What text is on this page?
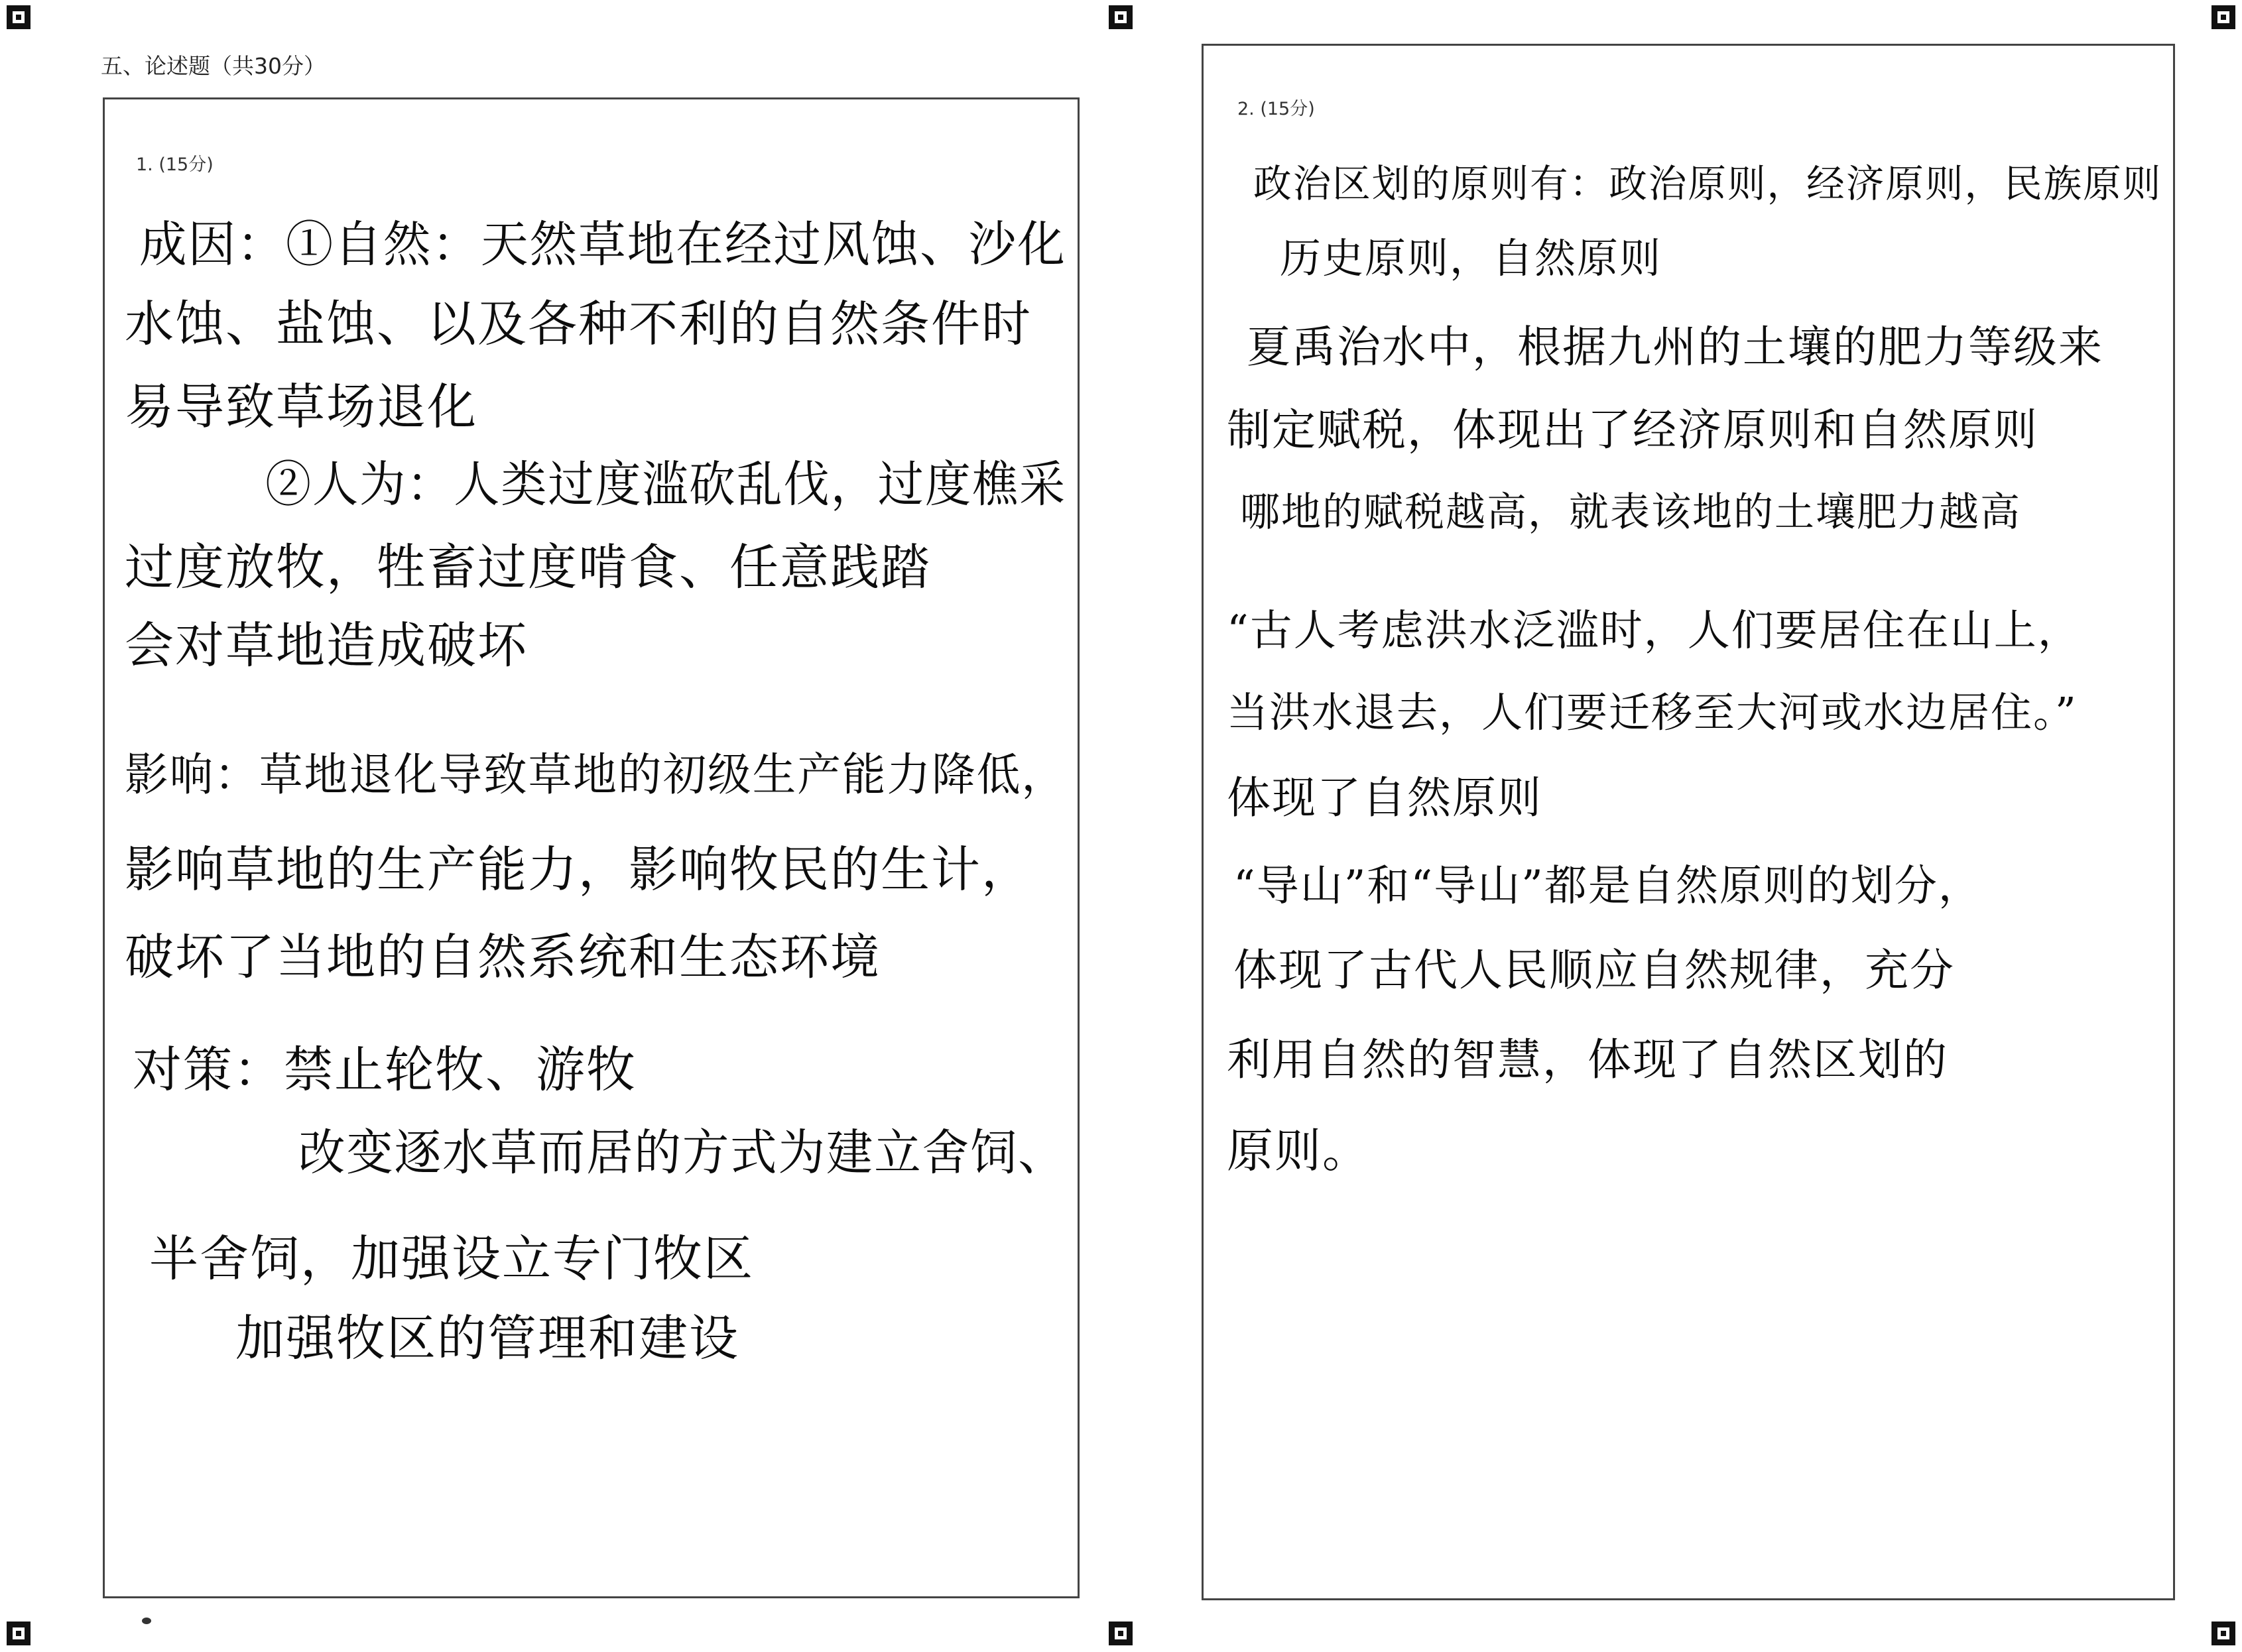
五、论述题（共30分）
1. (15分)
成因：①自然：天然草地在经过风蚀、沙化
水蚀、盐蚀、以及各种不利的自然条件时
易导致草场退化
②人为：人类过度滥砍乱伐，过度樵采
过度放牧，牲畜过度啃食、任意践踏
会对草地造成破坏
影响：草地退化导致草地的初级生产能力降低，
影响草地的生产能力，影响牧民的生计，
破坏了当地的自然系统和生态环境
对策：禁止轮牧、游牧
改变逐水草而居的方式为建立舍饲、
半舍饲，加强设立专门牧区
加强牧区的管理和建设
2. (15分)
政治区划的原则有：政治原则，经济原则，民族原则
历史原则，自然原则
夏禹治水中，根据九州的土壤的肥力等级来
制定赋税，体现出了经济原则和自然原则
哪地的赋税越高，就表该地的土壤肥力越高
“古人考虑洪水泛滥时，人们要居住在山上，
当洪水退去，人们要迁移至大河或水边居住。”
体现了自然原则
“导山”和“导山”都是自然原则的划分，
体现了古代人民顺应自然规律，充分
利用自然的智慧，体现了自然区划的
原则。
